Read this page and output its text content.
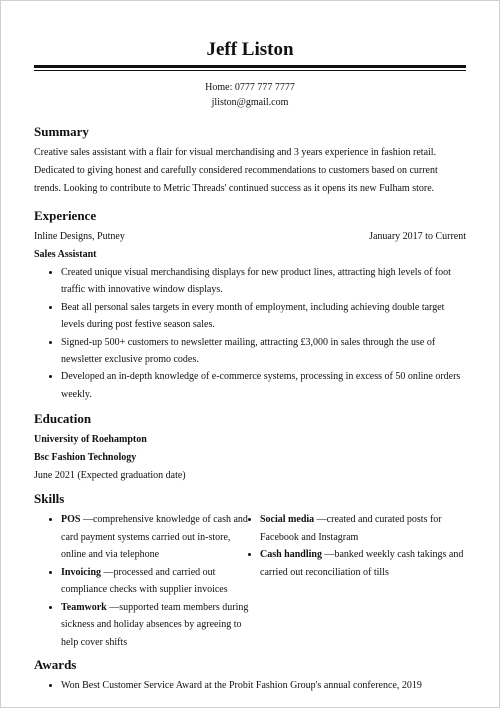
Jeff Liston
Home: 0777 777 7777
jliston@gmail.com
Summary

Creative sales assistant with a flair for visual merchandising and 3 years experience in fashion retail. Dedicated to giving honest and carefully considered recommendations to customers based on current trends. Looking to contribute to Metric Threads' continued success as it opens its new Fulham store.

Experience
Inline Designs, Putney	January 2017 to Current
Sales Assistant
• Created unique visual merchandising displays for new product lines, attracting high levels of foot traffic with innovative window displays.
• Beat all personal sales targets in every month of employment, including achieving double target levels during post festive season sales.
• Signed-up 500+ customers to newsletter mailing, attracting £3,000 in sales through the use of newsletter exclusive promo codes.
• Developed an in-depth knowledge of e-commerce systems, processing in excess of 50 online orders weekly.
Education
University of Roehampton
Bsc Fashion Technology
June 2021 (Expected graduation date)
Skills
• POS —comprehensive knowledge of cash and card payment systems carried out in-store, online and via telephone
• Invoicing —processed and carried out compliance checks with supplier invoices
• Teamwork —supported team members during sickness and holiday absences by agreeing to help cover shifts
• Social media —created and curated posts for Facebook and Instagram
• Cash handling —banked weekly cash takings and carried out reconciliation of tills
Awards
• Won Best Customer Service Award at the Probit Fashion Group's annual conference, 2019
